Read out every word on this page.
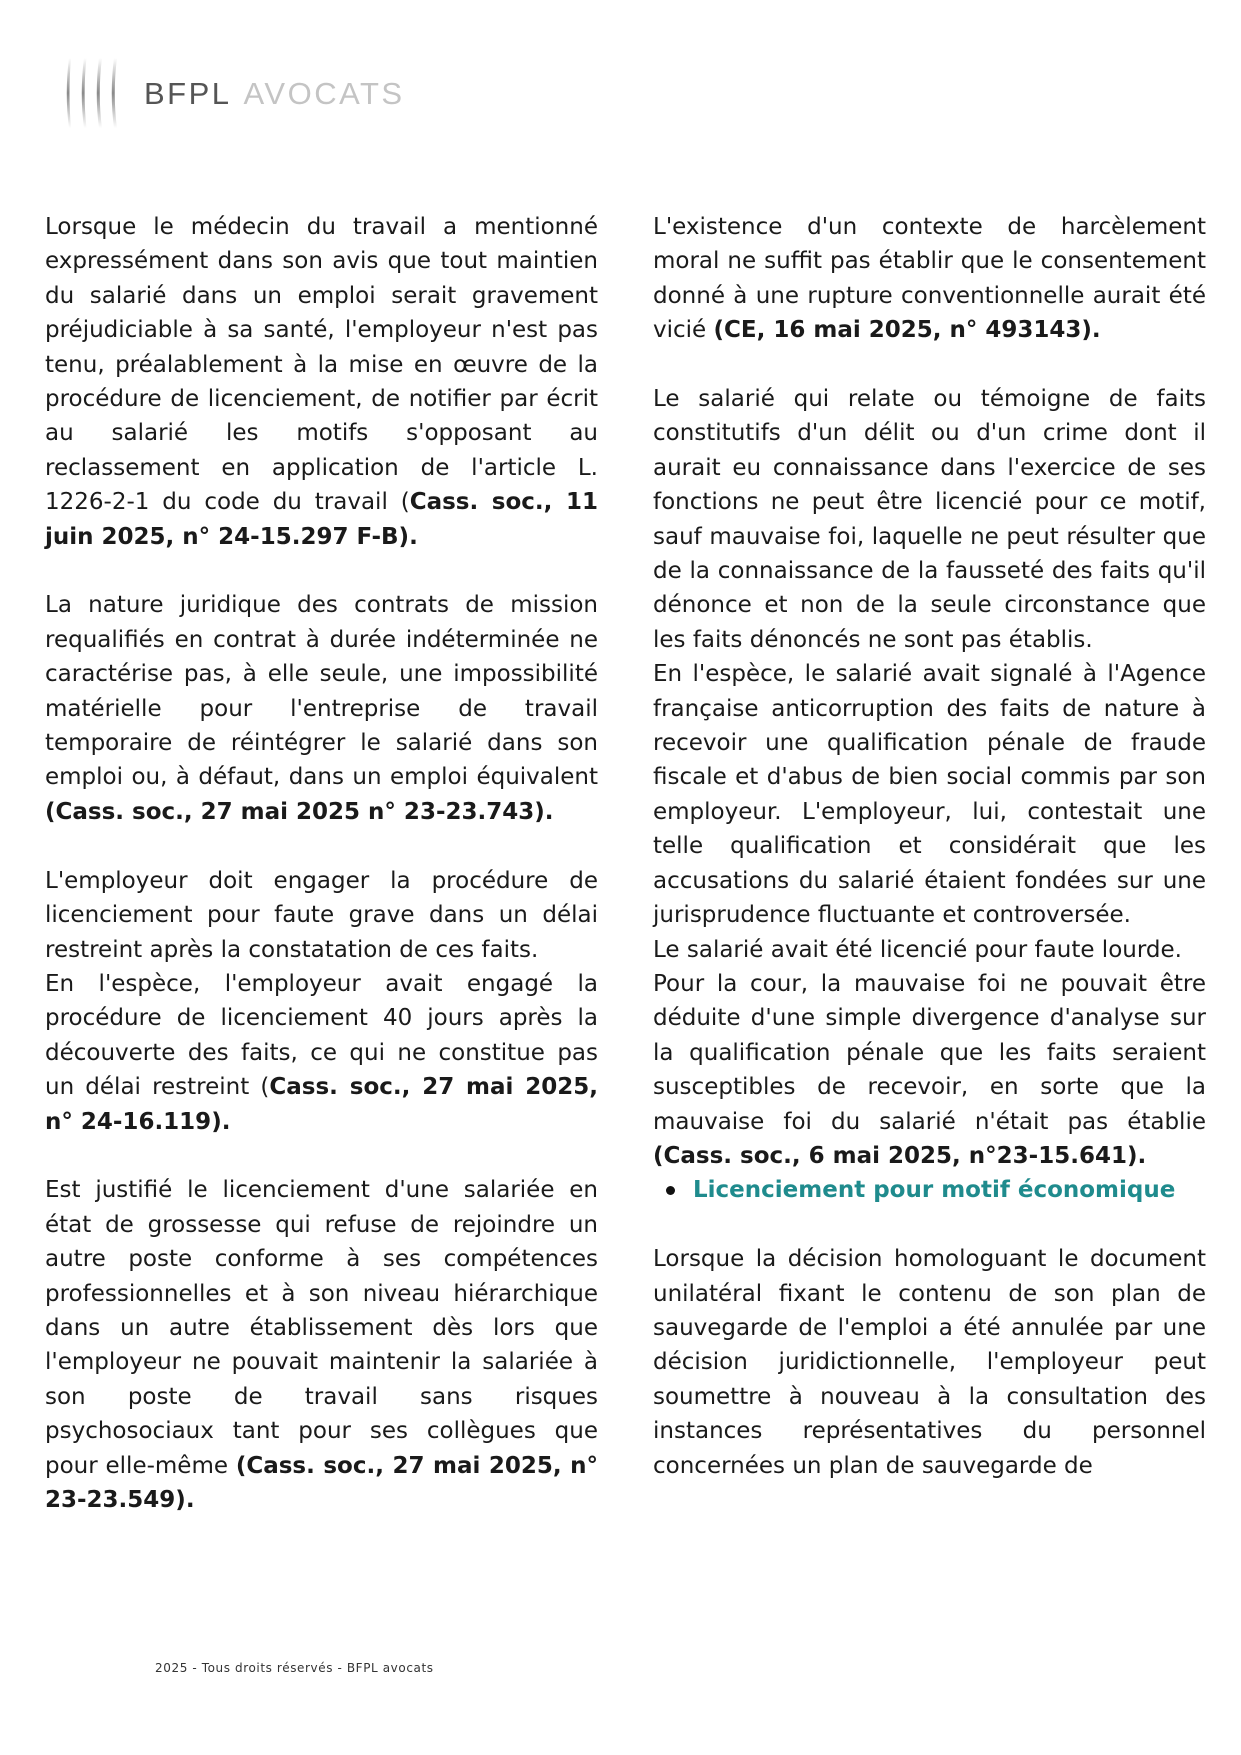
BFPL AVOCATS

Lorsque le médecin du travail a mentionné expressément dans son avis que tout maintien du salarié dans un emploi serait gravement préjudiciable à sa santé, l'employeur n'est pas tenu, préalablement à la mise en œuvre de la procédure de licenciement, de notifier par écrit au salarié les motifs s'opposant au reclassement en application de l'article L. 1226-2-1 du code du travail (Cass. soc., 11 juin 2025, n° 24-15.297 F-B).

La nature juridique des contrats de mission requalifiés en contrat à durée indéterminée ne caractérise pas, à elle seule, une impossibilité matérielle pour l'entreprise de travail temporaire de réintégrer le salarié dans son emploi ou, à défaut, dans un emploi équivalent (Cass. soc., 27 mai 2025 n° 23-23.743).

L'employeur doit engager la procédure de licenciement pour faute grave dans un délai restreint après la constatation de ces faits.

En l'espèce, l'employeur avait engagé la procédure de licenciement 40 jours après la découverte des faits, ce qui ne constitue pas un délai restreint (Cass. soc., 27 mai 2025, n° 24-16.119).

Est justifié le licenciement d'une salariée en état de grossesse qui refuse de rejoindre un autre poste conforme à ses compétences professionnelles et à son niveau hiérarchique dans un autre établissement dès lors que l'employeur ne pouvait maintenir la salariée à son poste de travail sans risques psychosociaux tant pour ses collègues que pour elle-même (Cass. soc., 27 mai 2025, n° 23-23.549).

L'existence d'un contexte de harcèlement moral ne suffit pas établir que le consentement donné à une rupture conventionnelle aurait été vicié (CE, 16 mai 2025, n° 493143).

Le salarié qui relate ou témoigne de faits constitutifs d'un délit ou d'un crime dont il aurait eu connaissance dans l'exercice de ses fonctions ne peut être licencié pour ce motif, sauf mauvaise foi, laquelle ne peut résulter que de la connaissance de la fausseté des faits qu'il dénonce et non de la seule circonstance que les faits dénoncés ne sont pas établis.

En l'espèce, le salarié avait signalé à l'Agence française anticorruption des faits de nature à recevoir une qualification pénale de fraude fiscale et d'abus de bien social commis par son employeur. L'employeur, lui, contestait une telle qualification et considérait que les accusations du salarié étaient fondées sur une jurisprudence fluctuante et controversée.

Le salarié avait été licencié pour faute lourde.

Pour la cour, la mauvaise foi ne pouvait être déduite d'une simple divergence d'analyse sur la qualification pénale que les faits seraient susceptibles de recevoir, en sorte que la mauvaise foi du salarié n'était pas établie (Cass. soc., 6 mai 2025, n°23-15.641).

Licenciement pour motif économique

Lorsque la décision homologuant le document unilatéral fixant le contenu de son plan de sauvegarde de l'emploi a été annulée par une décision juridictionnelle, l'employeur peut soumettre à nouveau à la consultation des instances représentatives du personnel concernées un plan de sauvegarde de

2025 - Tous droits réservés - BFPL avocats
